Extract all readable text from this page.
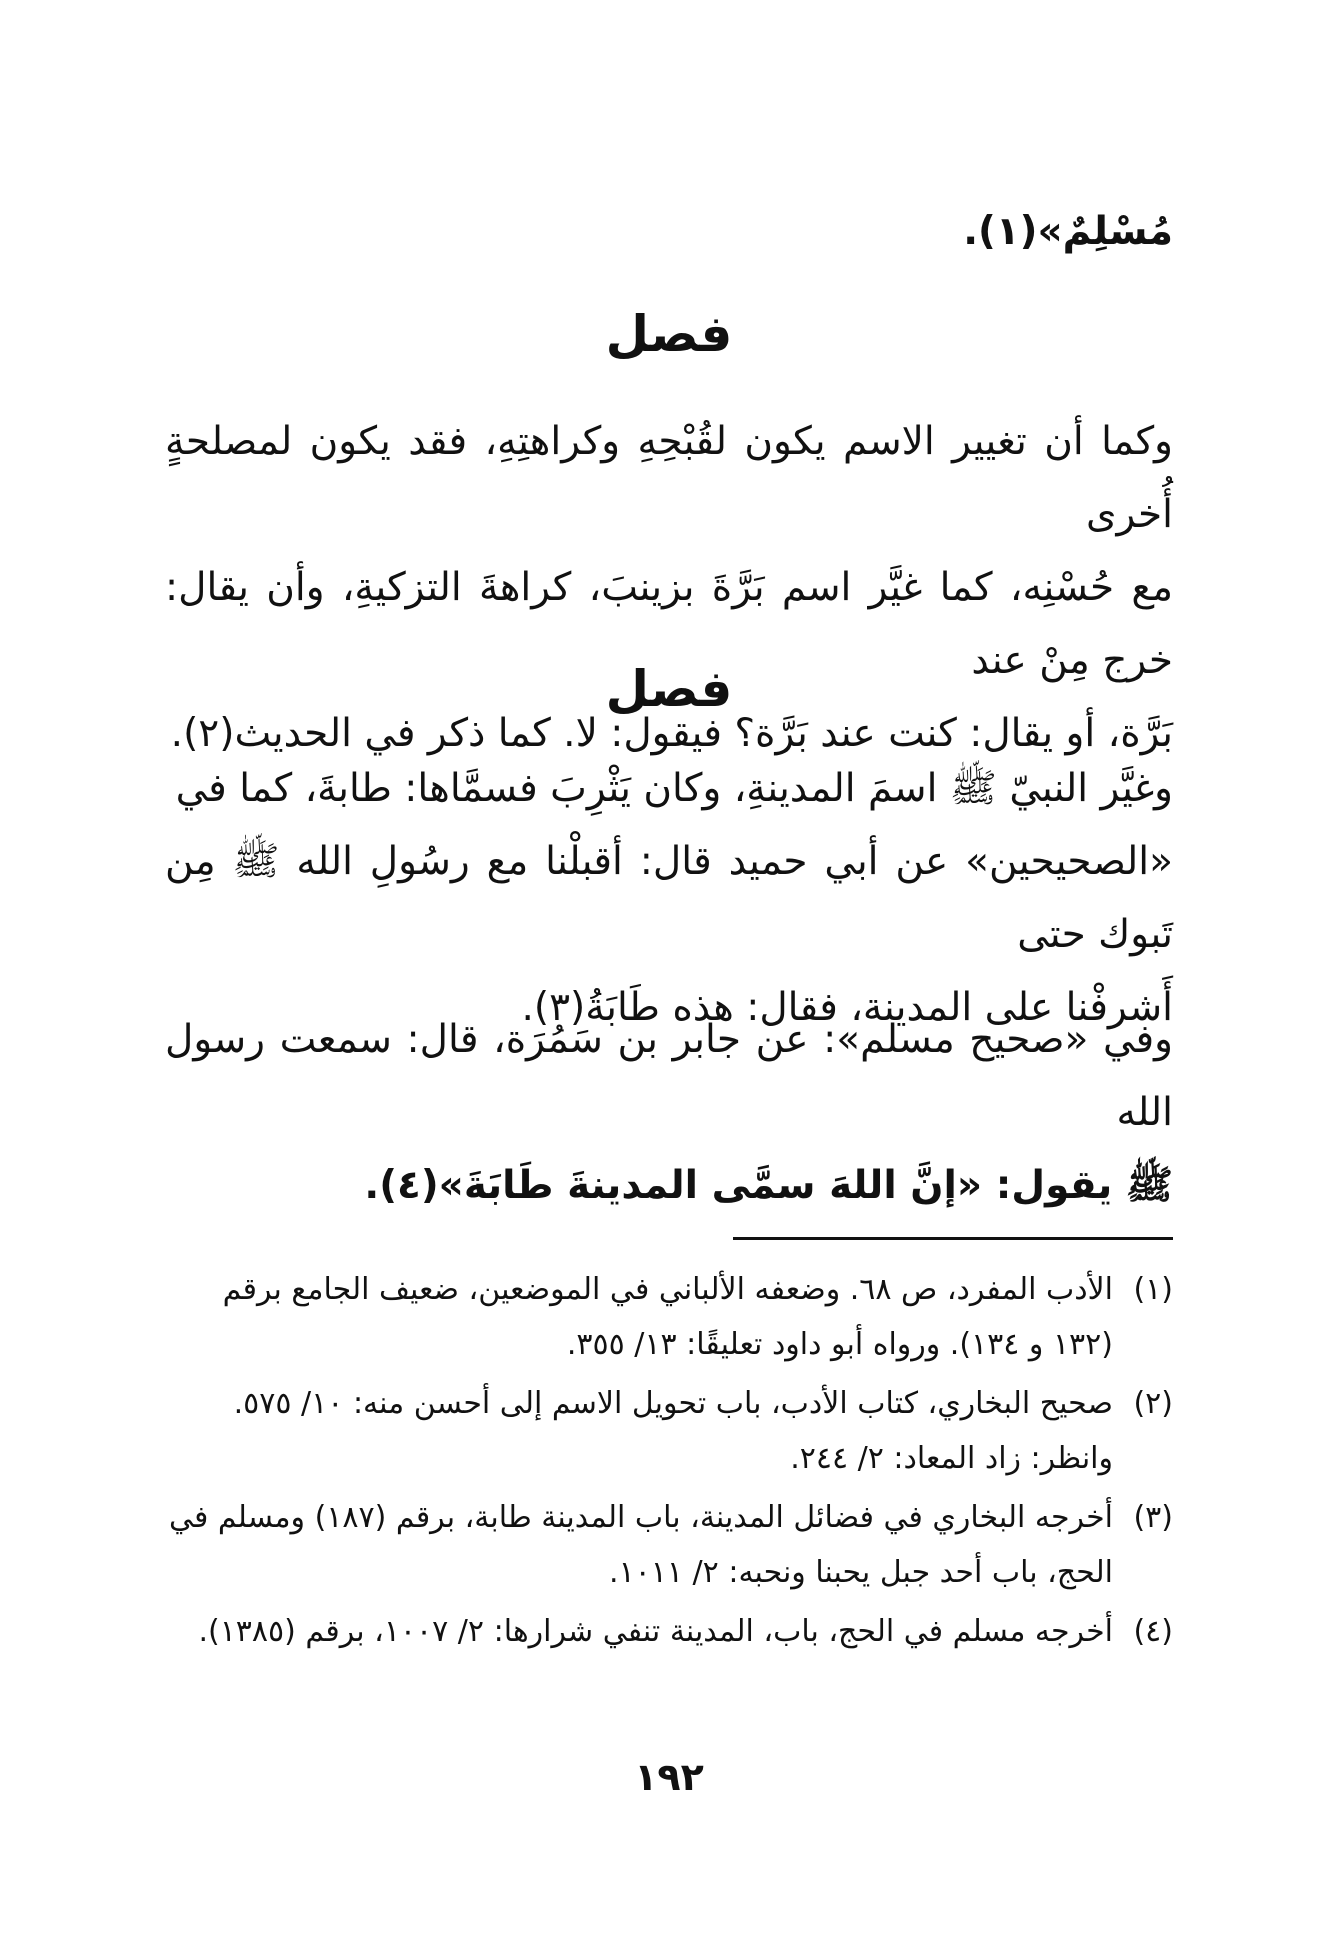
مُسْلِمٌ»(١).

فصل

وكما أن تغيير الاسم يكون لقُبْحِهِ وكراهتِهِ، فقد يكون لمصلحةٍ أُخرى

مع حُسْنِه، كما غيَّر اسم بَرَّةَ بزينبَ، كراهةَ التزكيةِ، وأن يقال: خرج مِنْ عند

بَرَّة، أو يقال: كنت عند بَرَّة؟ فيقول: لا. كما ذكر في الحديث(٢).

فصل

وغيَّر النبيّ ﷺ اسمَ المدينةِ، وكان يَثْرِبَ فسمَّاها: طابةَ، كما في

«الصحيحين» عن أبي حميد قال: أقبلْنا مع رسُولِ الله ﷺ مِن تَبوك حتى

أَشرفْنا على المدينة، فقال: هذه طَابَةُ(٣).

وفي «صحيح مسلم»: عن جابر بن سَمُرَة، قال: سمعت رسول الله

ﷺ يقول: «إنَّ اللهَ سمَّى المدينةَ طَابَةَ»(٤).

(١)
الأدب المفرد، ص ٦٨. وضعفه الألباني في الموضعين، ضعيف الجامع برقم
(١٣٢ و ١٣٤). ورواه أبو داود تعليقًا: ١٣/ ٣٥٥.
(٢)
صحيح البخاري، كتاب الأدب، باب تحويل الاسم إلى أحسن منه: ١٠/ ٥٧٥.
وانظر: زاد المعاد: ٢/ ٢٤٤.
(٣)
أخرجه البخاري في فضائل المدينة، باب المدينة طابة، برقم (١٨٧) ومسلم في
الحج، باب أحد جبل يحبنا ونحبه: ٢/ ١٠١١.
(٤)
أخرجه مسلم في الحج، باب، المدينة تنفي شرارها: ٢/ ١٠٠٧، برقم (١٣٨٥).
١٩٢
